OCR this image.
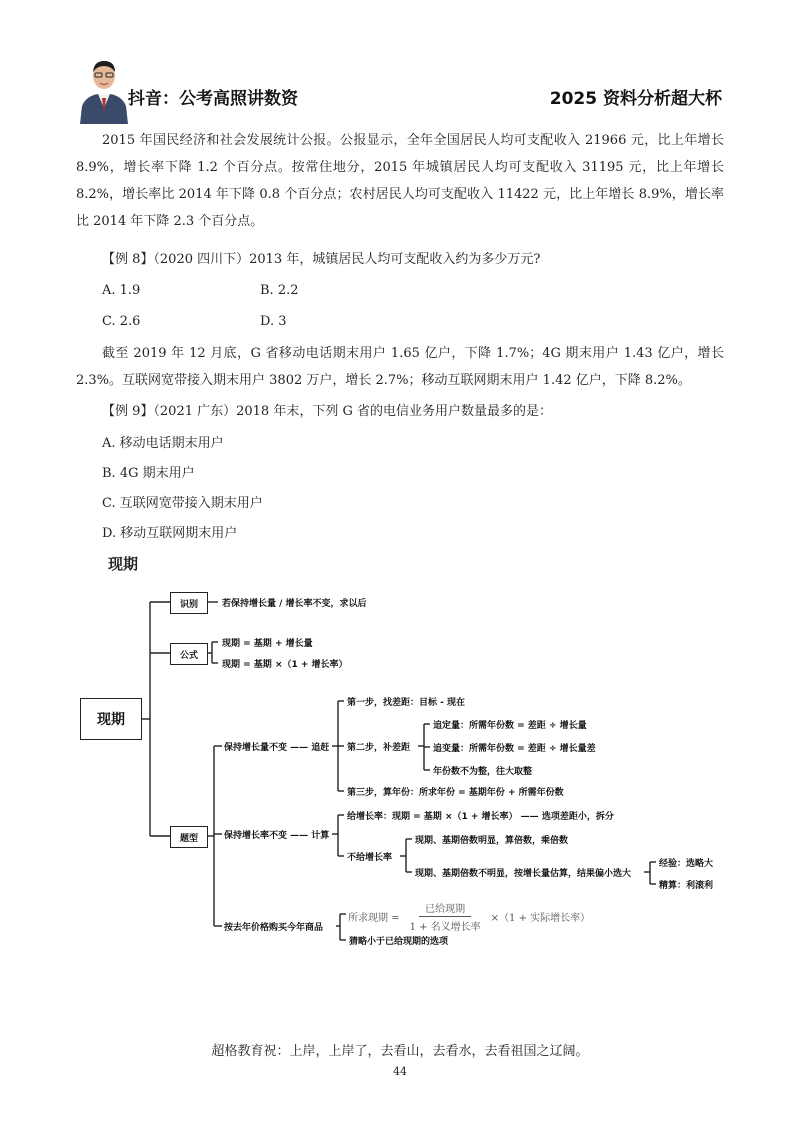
抖音：公考高照讲数资	2025 资料分析超大杯

2015 年国民经济和社会发展统计公报。公报显示，全年全国居民人均可支配收入 21966 元，比上年增长 8.9%，增长率下降 1.2 个百分点。按常住地分，2015 年城镇居民人均可支配收入 31195 元，比上年增长 8.2%，增长率比 2014 年下降 0.8 个百分点；农村居民人均可支配收入 11422 元，比上年增长 8.9%，增长率比 2014 年下降 2.3 个百分点。

【例 8】（2020 四川下）2013 年，城镇居民人均可支配收入约为多少万元?

A. 1.9	B. 2.2
C. 2.6	D. 3

截至 2019 年 12 月底，G 省移动电话期末用户 1.65 亿户，下降 1.7%；4G 期末用户 1.43 亿户，增长 2.3%。互联网宽带接入期末用户 3802 万户，增长 2.7%；移动互联网期末用户 1.42 亿户，下降 8.2%。

【例 9】（2021 广东）2018 年末，下列 G 省的电信业务用户数量最多的是：

A. 移动电话期末用户
B. 4G 期末用户
C. 互联网宽带接入期末用户
D. 移动互联网期末用户
现期
现期
识别
公式
题型
若保持增长量 / 增长率不变，求以后
现期 = 基期 + 增长量
现期 = 基期 ×（1 + 增长率）
保持增长量不变 —— 追赶
第一步，找差距：目标 - 现在
第二步，补差距
追定量：所需年份数 = 差距 ÷ 增长量
追变量：所需年份数 = 差距 ÷ 增长量差
年份数不为整，往大取整
第三步，算年份：所求年份 = 基期年份 + 所需年份数
保持增长率不变 —— 计算
给增长率：现期 = 基期 ×（1 + 增长率） —— 选项差距小，拆分
不给增长率
现期、基期倍数明显，算倍数，乘倍数
现期、基期倍数不明显，按增长量估算，结果偏小选大
经验：选略大
精算：利滚利
按去年价格购买今年商品
所求现期 =
已给现期
1 + 名义增长率
×（1 + 实际增长率）
猜略小于已给现期的选项
超格教育祝：上岸，上岸了，去看山，去看水，去看祖国之辽阔。
44
